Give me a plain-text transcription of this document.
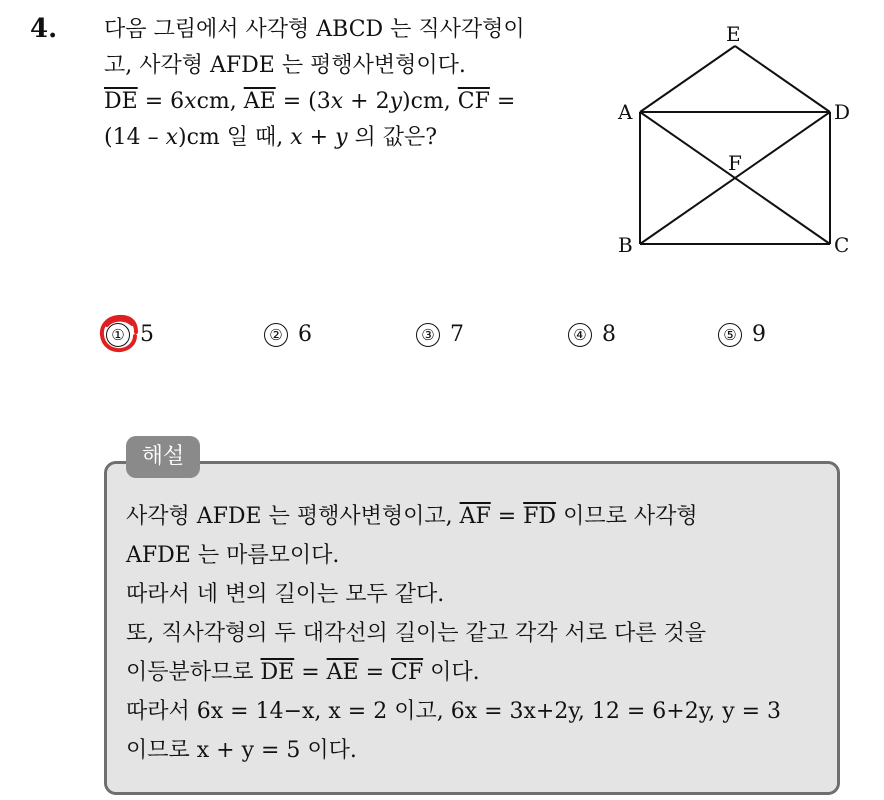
4. 다음 그림에서 사각형 ABCD 는 직사각형이
고, 사각형 AFDE 는 평행사변형이다.
$\overline{DE} = 6xcm$, $\overline{AE} = (3x + 2y)cm$, $\overline{CF}$ =
(14 – x)cm 일 때, x + y 의 값은?
E
A	D
F
B	C
① 5	② 6	③ 7	④ 8	⑤ 9
해설
사각형 AFDE 는 평행사변형이고, $\overline{AF} = \overline{FD}$ 이므로 사각형
AFDE 는 마름모이다.
따라서 네 변의 길이는 모두 같다.
또, 직사각형의 두 대각선의 길이는 같고 각각 서로 다른 것을
이등분하므로 $\overline{DE} = \overline{AE} = \overline{CF}$ 이다.
따라서 6x = 14−x, x = 2 이고, 6x = 3x+2y, 12 = 6+2y, y = 3
이므로 x + y = 5 이다.
